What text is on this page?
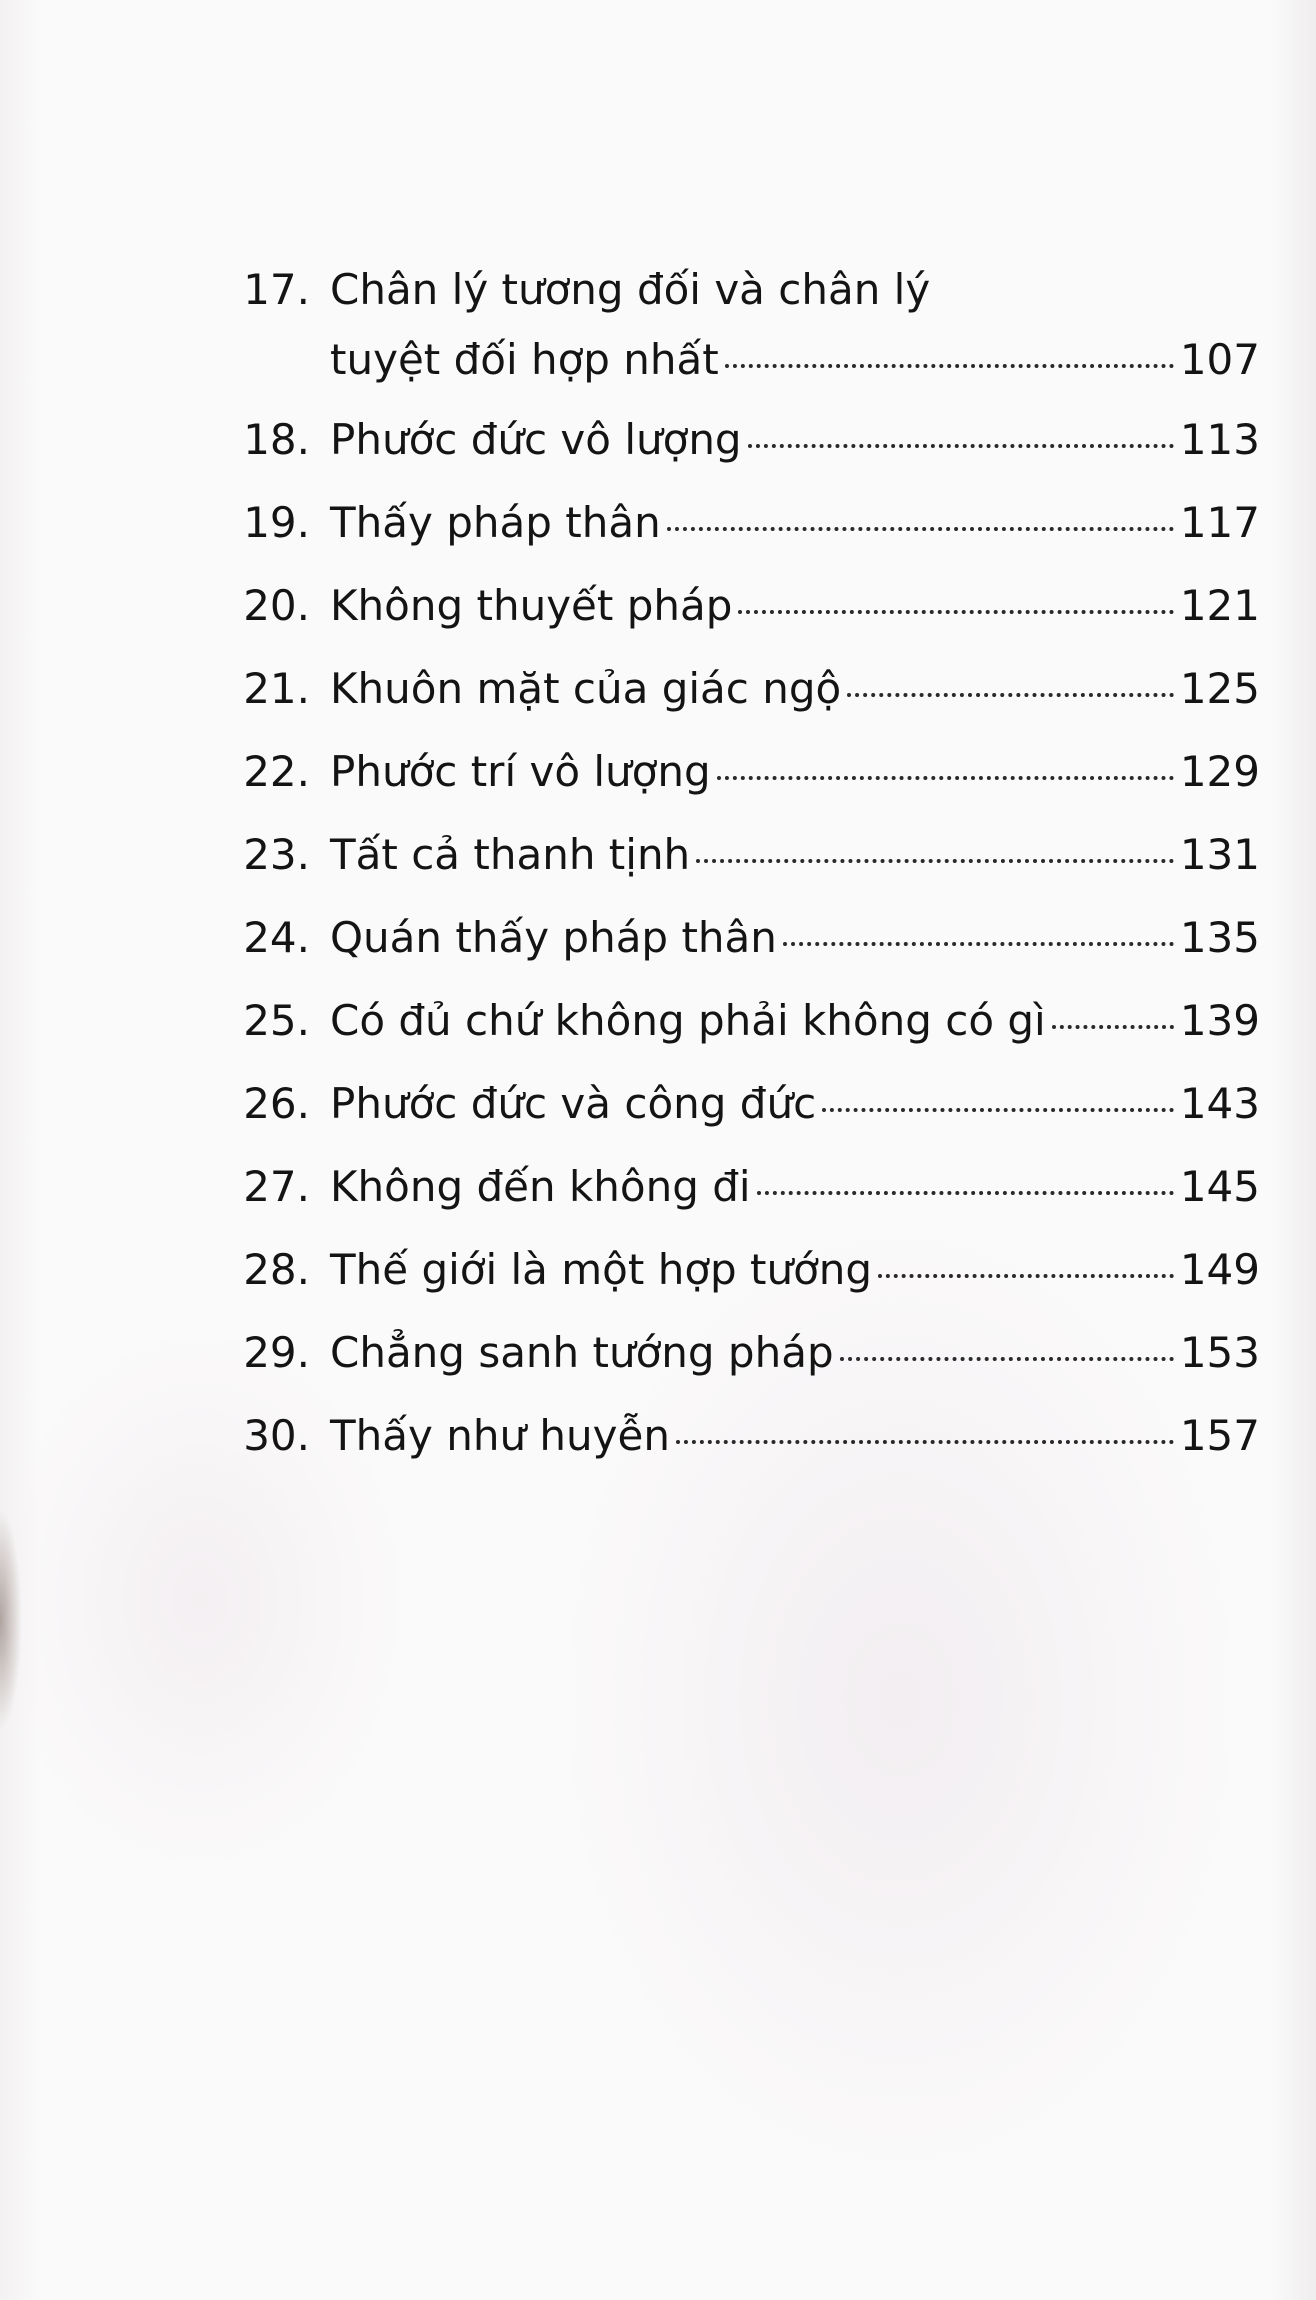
17. Chân lý tương đối và chân lý
tuyệt đối hợp nhất	107
18. Phước đức vô lượng	113
19. Thấy pháp thân	117
20. Không thuyết pháp	121
21. Khuôn mặt của giác ngộ	125
22. Phước trí vô lượng	129
23. Tất cả thanh tịnh	131
24. Quán thấy pháp thân	135
25. Có đủ chứ không phải không có gì	139
26. Phước đức và công đức	143
27. Không đến không đi	145
28. Thế giới là một hợp tướng	149
29. Chẳng sanh tướng pháp	153
30. Thấy như huyễn	157
